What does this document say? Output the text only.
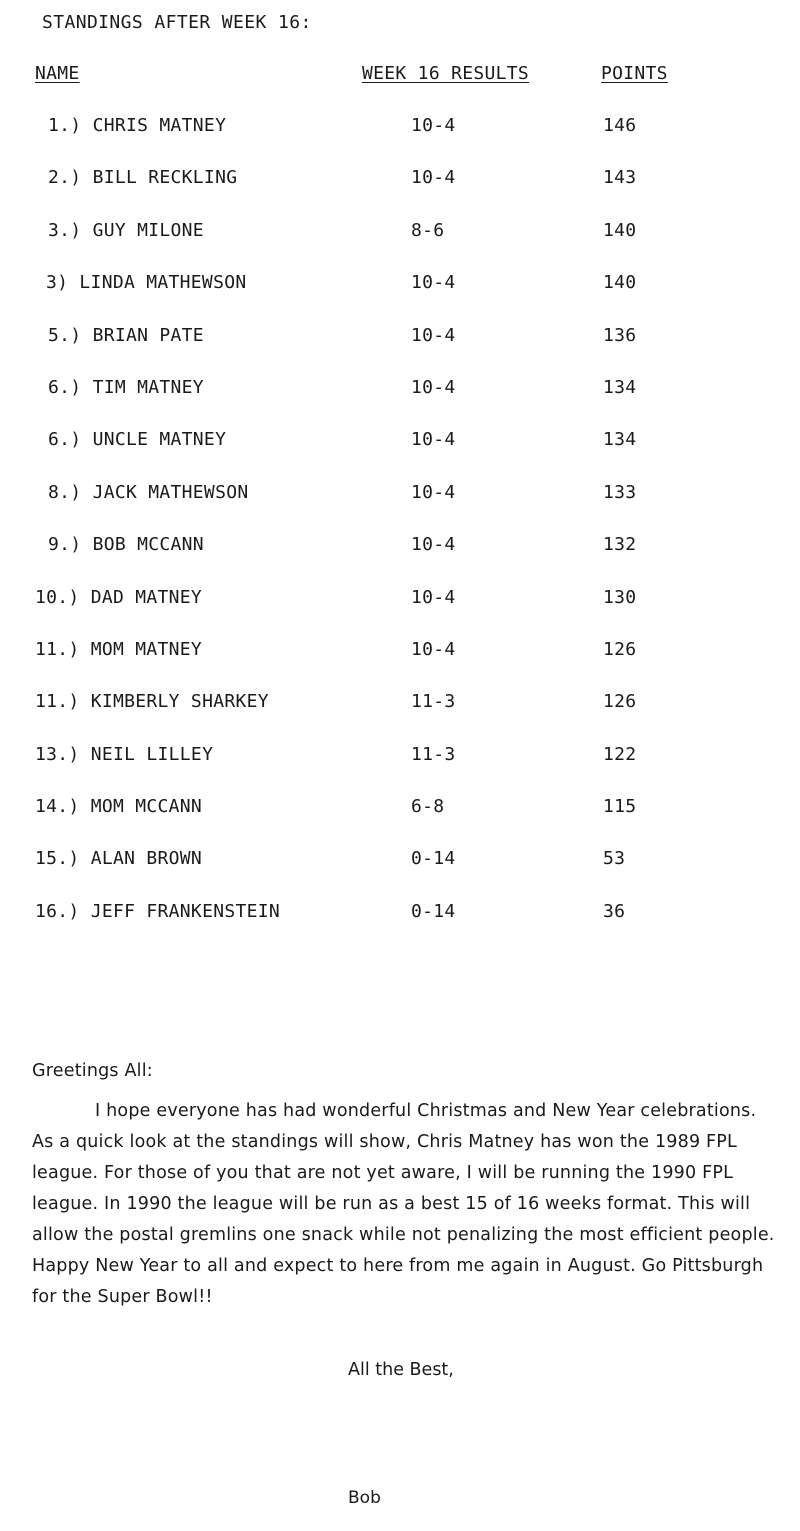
STANDINGS AFTER WEEK 16:
NAME	WEEK 16 RESULTS	POINTS
1.) CHRIS MATNEY	10-4	146
2.) BILL RECKLING	10-4	143
3.) GUY MILONE	8-6	140
3) LINDA MATHEWSON	10-4	140
5.) BRIAN PATE	10-4	136
6.) TIM MATNEY	10-4	134
6.) UNCLE MATNEY	10-4	134
8.) JACK MATHEWSON	10-4	133
9.) BOB MCCANN	10-4	132
10.) DAD MATNEY	10-4	130
11.) MOM MATNEY	10-4	126
11.) KIMBERLY SHARKEY	11-3	126
13.) NEIL LILLEY	11-3	122
14.) MOM MCCANN	6-8	115
15.) ALAN BROWN	0-14	53
16.) JEFF FRANKENSTEIN	0-14	36

Greetings All:

I hope everyone has had wonderful Christmas and New Year celebrations. As a quick look at the standings will show, Chris Matney has won the 1989 FPL league. For those of you that are not yet aware, I will be running the 1990 FPL league. In 1990 the league will be run as a best 15 of 16 weeks format. This will allow the postal gremlins one snack while not penalizing the most efficient people. Happy New Year to all and expect to here from me again in August. Go Pittsburgh for the Super Bowl!!

All the Best,
Bob
